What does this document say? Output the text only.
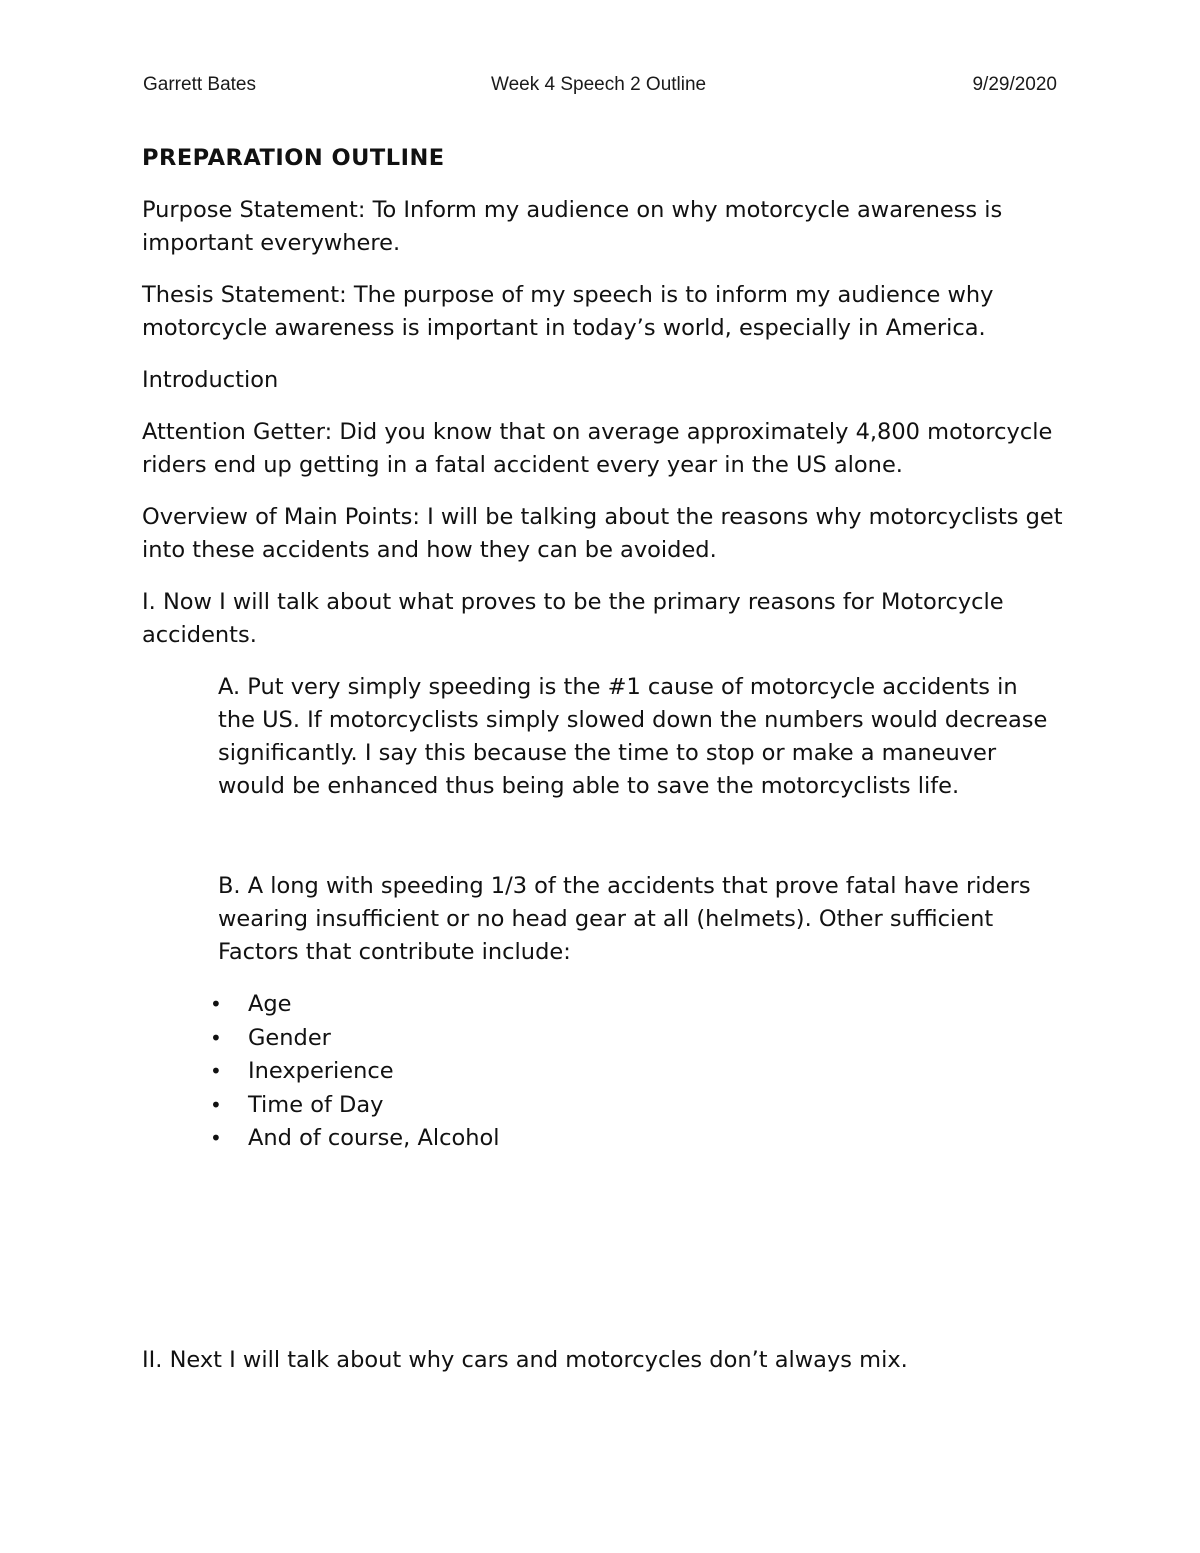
Garrett Bates	Week 4 Speech 2 Outline	9/29/2020

PREPARATION OUTLINE

Purpose Statement: To Inform my audience on why motorcycle awareness is important everywhere.

Thesis Statement: The purpose of my speech is to inform my audience why motorcycle awareness is important in today’s world, especially in America.

Introduction

Attention Getter: Did you know that on average approximately 4,800 motorcycle riders end up getting in a fatal accident every year in the US alone.

Overview of Main Points: I will be talking about the reasons why motorcyclists get into these accidents and how they can be avoided.

I. Now I will talk about what proves to be the primary reasons for Motorcycle accidents.

A. Put very simply speeding is the #1 cause of motorcycle accidents in the US. If motorcyclists simply slowed down the numbers would decrease significantly. I say this because the time to stop or make a maneuver would be enhanced thus being able to save the motorcyclists life.

B. A long with speeding 1/3 of the accidents that prove fatal have riders wearing insufficient or no head gear at all (helmets). Other sufficient Factors that contribute include:

• Age
• Gender
• Inexperience
• Time of Day
• And of course, Alcohol

II. Next I will talk about why cars and motorcycles don’t always mix.
